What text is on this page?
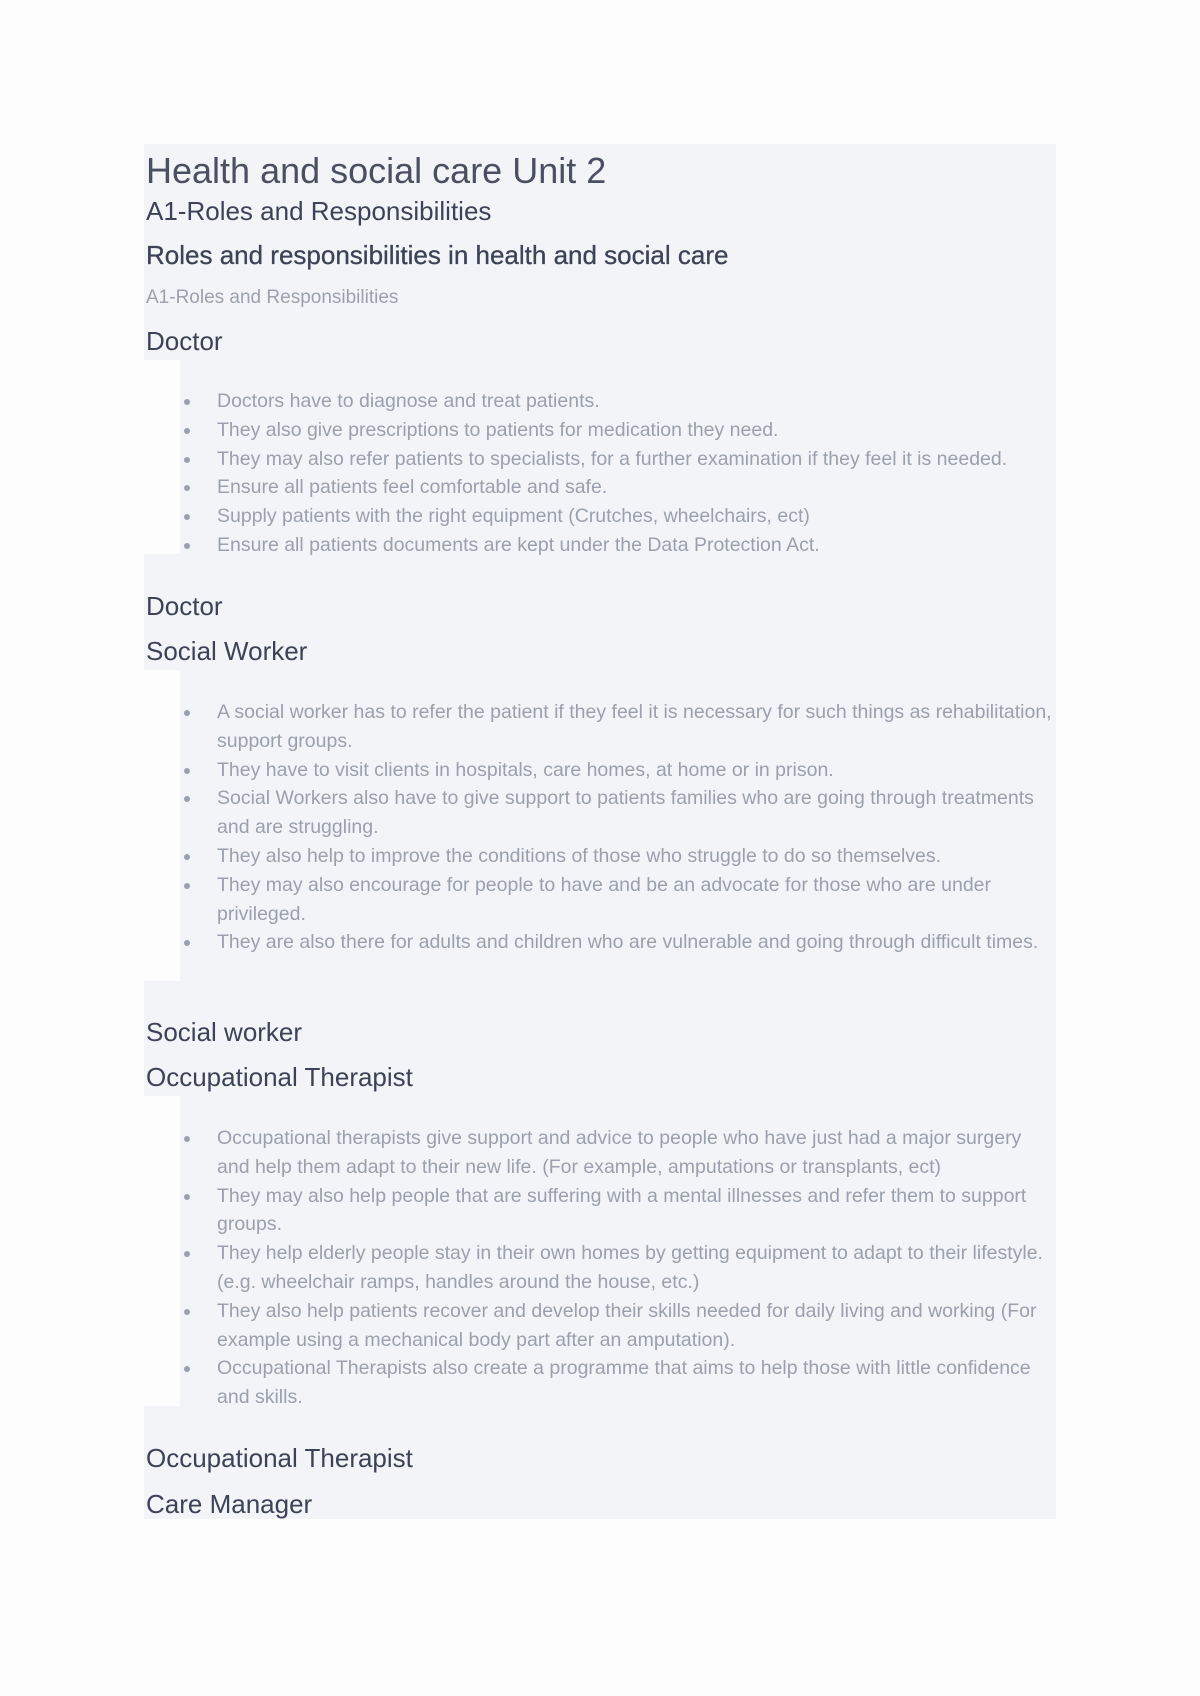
Health and social care Unit 2
A1-Roles and Responsibilities
Roles and responsibilities in health and social care
A1-Roles and Responsibilities
Doctor
Doctors have to diagnose and treat patients.
They also give prescriptions to patients for medication they need.
They may also refer patients to specialists, for a further examination if they feel it is needed.
Ensure all patients feel comfortable and safe.
Supply patients with the right equipment (Crutches, wheelchairs, ect)
Ensure all patients documents are kept under the Data Protection Act.
Doctor
Social Worker
A social worker has to refer the patient if they feel it is necessary for such things as rehabilitation, support groups.
They have to visit clients in hospitals, care homes, at home or in prison.
Social Workers also have to give support to patients families who are going through treatments and are struggling.
They also help to improve the conditions of those who struggle to do so themselves.
They may also encourage for people to have and be an advocate for those who are under privileged.
They are also there for adults and children who are vulnerable and going through difficult times.
Social worker
Occupational Therapist
Occupational therapists give support and advice to people who have just had a major surgery and help them adapt to their new life. (For example, amputations or transplants, ect)
They may also help people that are suffering with a mental illnesses and refer them to support groups.
They help elderly people stay in their own homes by getting equipment to adapt to their lifestyle. (e.g. wheelchair ramps, handles around the house, etc.)
They also help patients recover and develop their skills needed for daily living and working (For example using a mechanical body part after an amputation).
Occupational Therapists also create a programme that aims to help those with little confidence and skills.
Occupational Therapist
Care Manager
